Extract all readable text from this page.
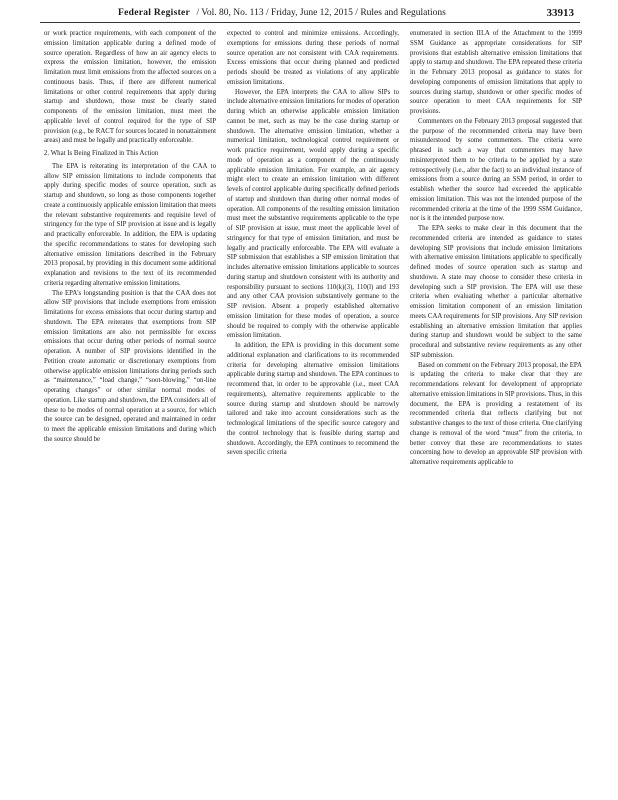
Federal Register / Vol. 80, No. 113 / Friday, June 12, 2015 / Rules and Regulations	33913

or work practice requirements, with each component of the emission limitation applicable during a defined mode of source operation. Regardless of how an air agency elects to express the emission limitation, however, the emission limitation must limit emissions from the affected sources on a continuous basis. Thus, if there are different numerical limitations or other control requirements that apply during startup and shutdown, those must be clearly stated components of the emission limitation, must meet the applicable level of control required for the type of SIP provision (e.g., be RACT for sources located in nonattainment areas) and must be legally and practically enforceable.

2. What Is Being Finalized in This Action

The EPA is reiterating its interpretation of the CAA to allow SIP emission limitations to include components that apply during specific modes of source operation, such as startup and shutdown, so long as those components together create a continuously applicable emission limitation that meets the relevant substantive requirements and requisite level of stringency for the type of SIP provision at issue and is legally and practically enforceable. In addition, the EPA is updating the specific recommendations to states for developing such alternative emission limitations described in the February 2013 proposal, by providing in this document some additional explanation and revisions to the text of its recommended criteria regarding alternative emission limitations.

The EPA's longstanding position is that the CAA does not allow SIP provisions that include exemptions from emission limitations for excess emissions that occur during startup and shutdown. The EPA reiterates that exemptions from SIP emission limitations are also not permissible for excess emissions that occur during other periods of normal source operation. A number of SIP provisions identified in the Petition create automatic or discretionary exemptions from otherwise applicable emission limitations during periods such as “maintenance,” “load change,” “soot-blowing,” “on-line operating changes” or other similar normal modes of operation. Like startup and shutdown, the EPA considers all of these to be modes of normal operation at a source, for which the source can be designed, operated and maintained in order to meet the applicable emission limitations and during which the source should be

expected to control and minimize emissions. Accordingly, exemptions for emissions during these periods of normal source operation are not consistent with CAA requirements. Excess emissions that occur during planned and predicted periods should be treated as violations of any applicable emission limitations.

However, the EPA interprets the CAA to allow SIPs to include alternative emission limitations for modes of operation during which an otherwise applicable emission limitation cannot be met, such as may be the case during startup or shutdown. The alternative emission limitation, whether a numerical limitation, technological control requirement or work practice requirement, would apply during a specific mode of operation as a component of the continuously applicable emission limitation. For example, an air agency might elect to create an emission limitation with different levels of control applicable during specifically defined periods of startup and shutdown than during other normal modes of operation. All components of the resulting emission limitation must meet the substantive requirements applicable to the type of SIP provision at issue, must meet the applicable level of stringency for that type of emission limitation, and must be legally and practically enforceable. The EPA will evaluate a SIP submission that establishes a SIP emission limitation that includes alternative emission limitations applicable to sources during startup and shutdown consistent with its authority and responsibility pursuant to sections 110(k)(3), 110(l) and 193 and any other CAA provision substantively germane to the SIP revision. Absent a properly established alternative emission limitation for these modes of operation, a source should be required to comply with the otherwise applicable emission limitation.

In addition, the EPA is providing in this document some additional explanation and clarifications to its recommended criteria for developing alternative emission limitations applicable during startup and shutdown. The EPA continues to recommend that, in order to be approvable (i.e., meet CAA requirements), alternative requirements applicable to the source during startup and shutdown should be narrowly tailored and take into account considerations such as the technological limitations of the specific source category and the control technology that is feasible during startup and shutdown. Accordingly, the EPA continues to recommend the seven specific criteria

enumerated in section III.A of the Attachment to the 1999 SSM Guidance as appropriate considerations for SIP provisions that establish alternative emission limitations that apply to startup and shutdown. The EPA repeated these criteria in the February 2013 proposal as guidance to states for developing components of emission limitations that apply to sources during startup, shutdown or other specific modes of source operation to meet CAA requirements for SIP provisions.

Commenters on the February 2013 proposal suggested that the purpose of the recommended criteria may have been misunderstood by some commenters. The criteria were phrased in such a way that commenters may have misinterpreted them to be criteria to be applied by a state retrospectively (i.e., after the fact) to an individual instance of emissions from a source during an SSM period, in order to establish whether the source had exceeded the applicable emission limitation. This was not the intended purpose of the recommended criteria at the time of the 1999 SSM Guidance, nor is it the intended purpose now.

The EPA seeks to make clear in this document that the recommended criteria are intended as guidance to states developing SIP provisions that include emission limitations with alternative emission limitations applicable to specifically defined modes of source operation such as startup and shutdown. A state may choose to consider these criteria in developing such a SIP provision. The EPA will use these criteria when evaluating whether a particular alternative emission limitation component of an emission limitation meets CAA requirements for SIP provisions. Any SIP revision establishing an alternative emission limitation that applies during startup and shutdown would be subject to the same procedural and substantive review requirements as any other SIP submission.

Based on comment on the February 2013 proposal, the EPA is updating the criteria to make clear that they are recommendations relevant for development of appropriate alternative emission limitations in SIP provisions. Thus, in this document, the EPA is providing a restatement of its recommended criteria that reflects clarifying but not substantive changes to the text of those criteria. One clarifying change is removal of the word “must” from the criteria, to better convey that these are recommendations to states concerning how to develop an approvable SIP provision with alternative requirements applicable to
